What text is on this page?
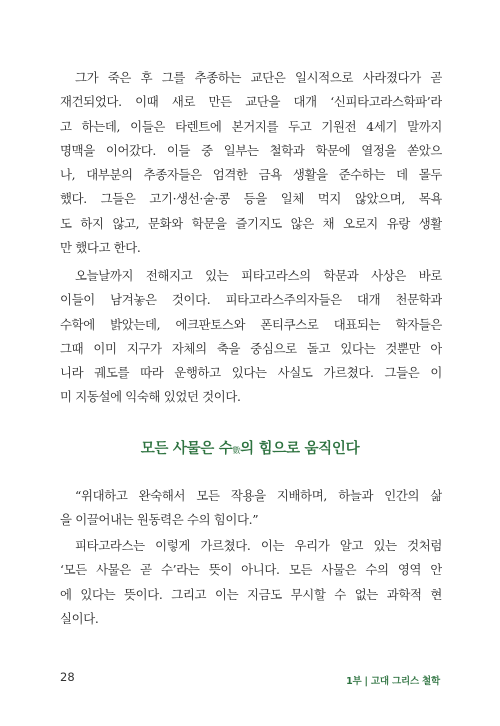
그가 죽은 후 그를 추종하는 교단은 일시적으로 사라졌다가 곧

재건되었다. 이때 새로 만든 교단을 대개 ‘신피타고라스학파’라

고 하는데, 이들은 타렌트에 본거지를 두고 기원전 4세기 말까지

명맥을 이어갔다. 이들 중 일부는 철학과 학문에 열정을 쏟았으

나, 대부분의 추종자들은 엄격한 금욕 생활을 준수하는 데 몰두

했다. 그들은 고기·생선·술·콩 등을 일체 먹지 않았으며, 목욕

도 하지 않고, 문화와 학문을 즐기지도 않은 채 오로지 유랑 생활

만 했다고 한다.

오늘날까지 전해지고 있는 피타고라스의 학문과 사상은 바로

이들이 남겨놓은 것이다. 피타고라스주의자들은 대개 천문학과

수학에 밝았는데, 에크판토스와 폰티쿠스로 대표되는 학자들은

그때 이미 지구가 자체의 축을 중심으로 돌고 있다는 것뿐만 아

니라 궤도를 따라 운행하고 있다는 사실도 가르쳤다. 그들은 이

미 지동설에 익숙해 있었던 것이다.

모든 사물은 수數의 힘으로 움직인다

“위대하고 완숙해서 모든 작용을 지배하며, 하늘과 인간의 삶

을 이끌어내는 원동력은 수의 힘이다.”

피타고라스는 이렇게 가르쳤다. 이는 우리가 알고 있는 것처럼

‘모든 사물은 곧 수’라는 뜻이 아니다. 모든 사물은 수의 영역 안

에 있다는 뜻이다. 그리고 이는 지금도 무시할 수 없는 과학적 현

실이다.

28	1부 | 고대 그리스 철학
